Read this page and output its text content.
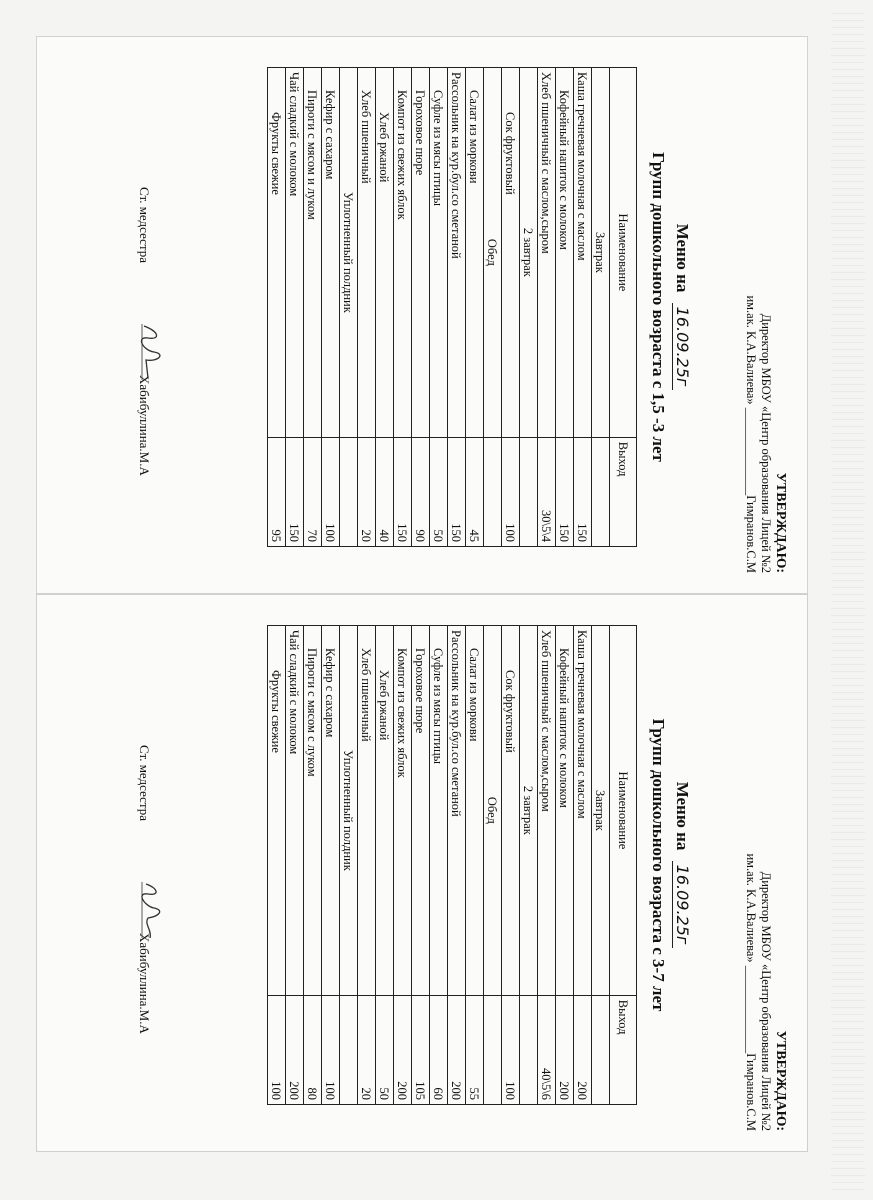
УТВЕРЖДАЮ:
Директор МБОУ «Центр образования Лицей №2
им.ак. К.А.Валиева» ______________Гимранов.С.М
Меню на 16.09.25г
Групп дошкольного возраста с 1,5 -3 лет
Наименование	Выход
Завтрак	
Каша гречневая молочная с маслом	150
Кофейный напиток с молоком	150
Хлеб пшеничный с маслом,сыром	30\5\4
2 завтрак	
Сок фруктовый	100
Обед	
Салат из моркови	45
Рассольник на кур.бул.со сметаной	150
Суфле из мясы птицы	50
Гороховое пюре	90
Компот из свежих яблок	150
Хлеб ржаной	40
Хлеб пшеничный	20
Уплотненный полдник	
Кефир с сахаром	100
Пироги с мясом и луком	70
Чай сладкий с молоком	150
Фрукты свежие	95
Ст. медсестра
Хабибуллина.М.А
УТВЕРЖДАЮ:
Директор МБОУ «Центр образования Лицей №2
им.ак. К.А.Валиева» ______________Гимранов.С.М
Меню на 16.09.25г
Групп дошкольного возраста с 3-7 лет
Наименование	Выход
Завтрак	
Каша гречневая молочная с маслом	200
Кофейный напиток с молоком	200
Хлеб пшеничный с маслом,сыром	40\5\6
2 завтрак	
Сок фруктовый	100
Обед	
Салат из моркови	55
Рассольник на кур.бул.со сметаной	200
Суфле из мясы птицы	60
Гороховое пюре	105
Компот из свежих яблок	200
Хлеб ржаной	50
Хлеб пшеничный	20
Уплотненный полдник	
Кефир с сахаром	100
Пироги с мясом с луком	80
Чай сладкий с молоком	200
Фрукты свежие	100
Ст. медсестра
Хабибуллина.М.А
